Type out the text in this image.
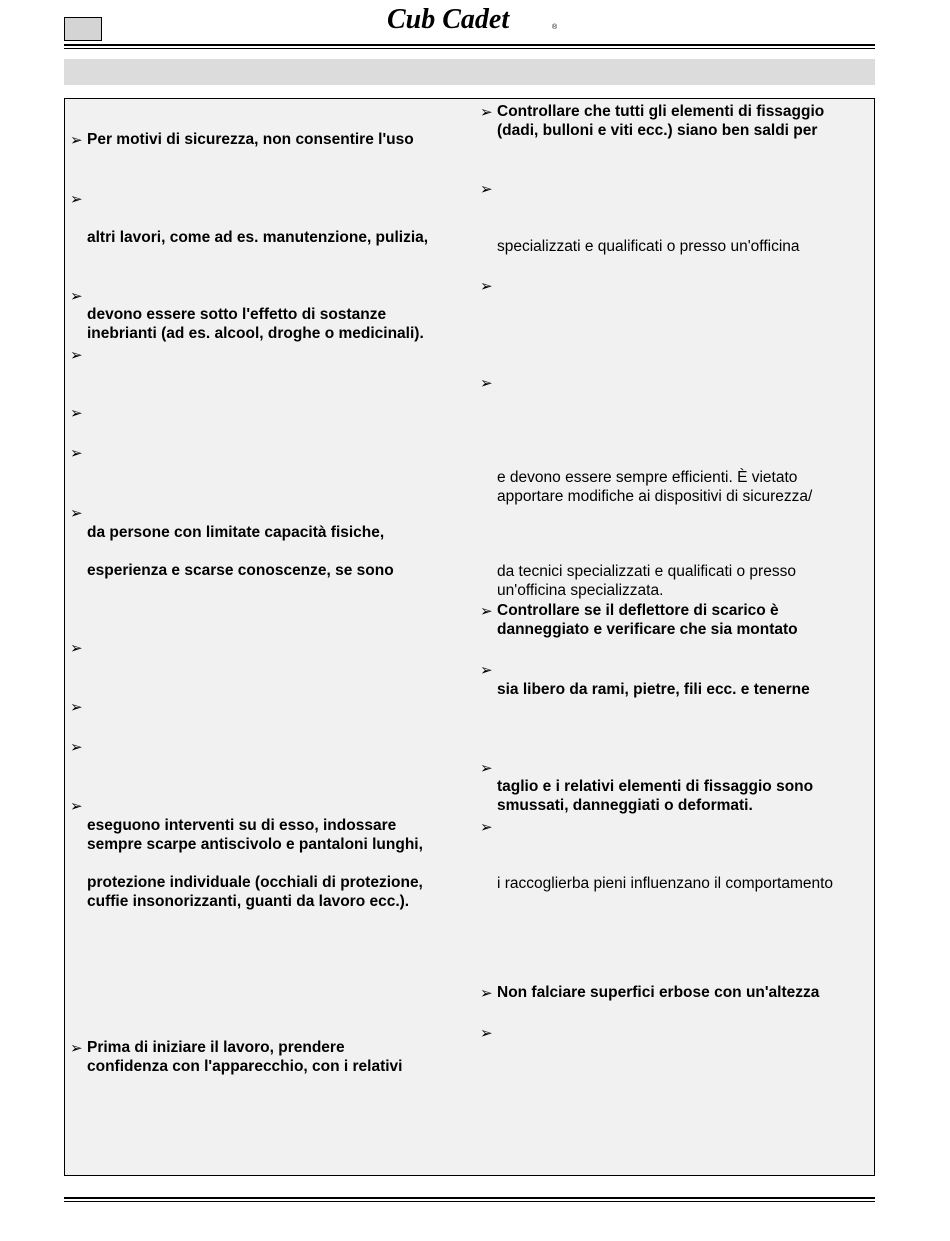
Cub Cadet	®
➢
➢
➢
➢
➢
➢
➢
➢
➢
➢
➢
➢
Per motivi di sicurezza, non consentire l'uso
altri lavori, come ad es. manutenzione, pulizia,
devono essere sotto l'effetto di sostanze
inebrianti (ad es. alcool, droghe o medicinali).
da persone con limitate capacità fisiche,
esperienza e scarse conoscenze, se sono
eseguono interventi su di esso, indossare
sempre scarpe antiscivolo e pantaloni lunghi,
protezione individuale (occhiali di protezione,
cuffie insonorizzanti, guanti da lavoro ecc.).
Prima di iniziare il lavoro, prendere
confidenza con l'apparecchio, con i relativi
➢
➢
➢
➢
➢
➢
➢
➢
➢
➢
Controllare che tutti gli elementi di fissaggio
(dadi, bulloni e viti ecc.) siano ben saldi per
specializzati e qualificati o presso un'officina
e devono essere sempre efficienti. È vietato
apportare modifiche ai dispositivi di sicurezza/
da tecnici specializzati e qualificati o presso
un'officina specializzata.
Controllare se il deflettore di scarico è
danneggiato e verificare che sia montato
sia libero da rami, pietre, fili ecc. e tenerne
taglio e i relativi elementi di fissaggio sono
smussati, danneggiati o deformati.
i raccoglierba pieni influenzano il comportamento
Non falciare superfici erbose con un'altezza
